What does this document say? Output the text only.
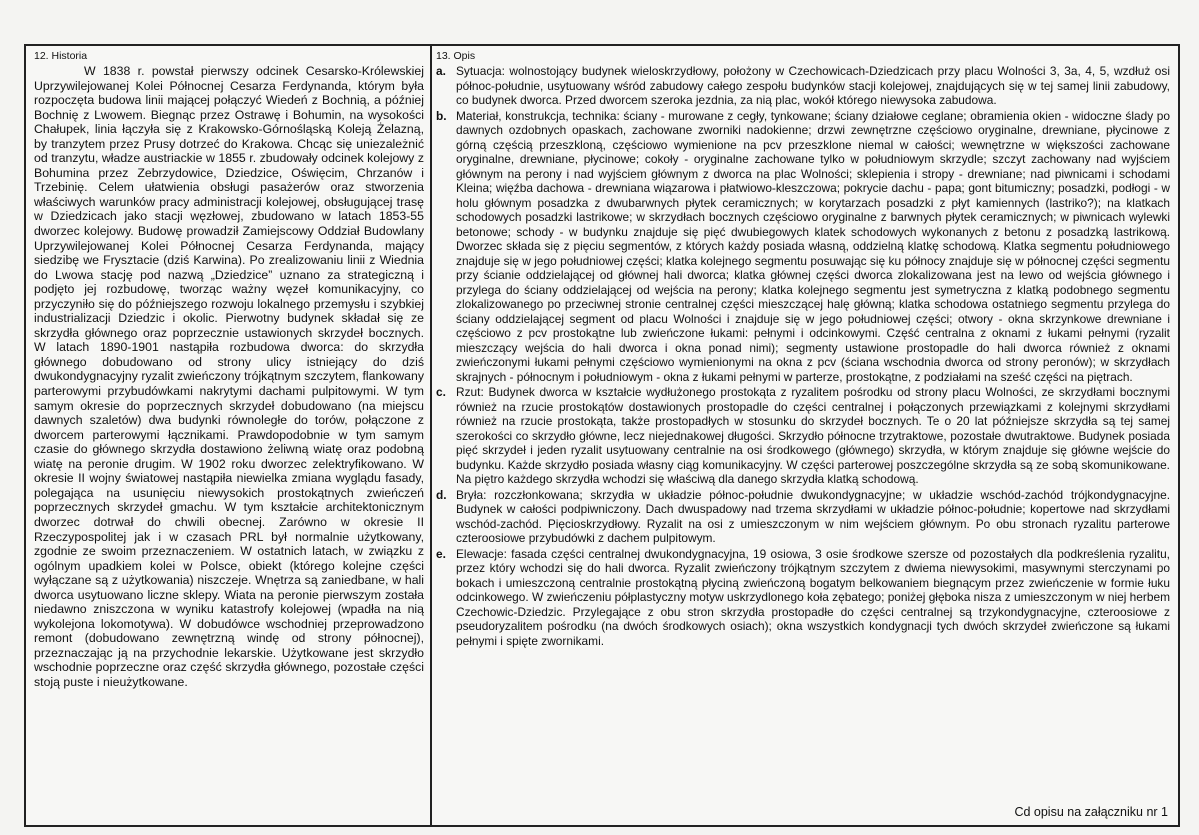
12. Historia

W 1838 r. powstał pierwszy odcinek Cesarsko-Królewskiej Uprzywilejowanej Kolei Północnej Cesarza Ferdynanda, którym była rozpoczęta budowa linii mającej połączyć Wiedeń z Bochnią, a później Bochnię z Lwowem. Biegnąc przez Ostrawę i Bohumin, na wysokości Chałupek, linia łączyła się z Krakowsko-Górnośląską Koleją Żelazną, by tranzytem przez Prusy dotrzeć do Krakowa. Chcąc się uniezależnić od tranzytu, władze austriackie w 1855 r. zbudowały odcinek kolejowy z Bohumina przez Zebrzydowice, Dziedzice, Oświęcim, Chrzanów i Trzebinię. Celem ułatwienia obsługi pasażerów oraz stworzenia właściwych warunków pracy administracji kolejowej, obsługującej trasę w Dziedzicach jako stacji węzłowej, zbudowano w latach 1853-55 dworzec kolejowy. Budowę prowadził Zamiejscowy Oddział Budowlany Uprzywilejowanej Kolei Północnej Cesarza Ferdynanda, mający siedzibę we Frysztacie (dziś Karwina). Po zrealizowaniu linii z Wiednia do Lwowa stację pod nazwą „Dziedzice” uznano za strategiczną i podjęto jej rozbudowę, tworząc ważny węzeł komunikacyjny, co przyczyniło się do późniejszego rozwoju lokalnego przemysłu i szybkiej industrializacji Dziedzic i okolic. Pierwotny budynek składał się ze skrzydła głównego oraz poprzecznie ustawionych skrzydeł bocznych. W latach 1890-1901 nastąpiła rozbudowa dworca: do skrzydła głównego dobudowano od strony ulicy istniejący do dziś dwukondygnacyjny ryzalit zwieńczony trójkątnym szczytem, flankowany parterowymi przybudówkami nakrytymi dachami pulpitowymi. W tym samym okresie do poprzecznych skrzydeł dobudowano (na miejscu dawnych szaletów) dwa budynki równoległe do torów, połączone z dworcem parterowymi łącznikami. Prawdopodobnie w tym samym czasie do głównego skrzydła dostawiono żeliwną wiatę oraz podobną wiatę na peronie drugim. W 1902 roku dworzec zelektryfikowano. W okresie II wojny światowej nastąpiła niewielka zmiana wyglądu fasady, polegająca na usunięciu niewysokich prostokątnych zwieńczeń poprzecznych skrzydeł gmachu. W tym kształcie architektonicznym dworzec dotrwał do chwili obecnej. Zarówno w okresie II Rzeczypospolitej jak i w czasach PRL był normalnie użytkowany, zgodnie ze swoim przeznaczeniem. W ostatnich latach, w związku z ogólnym upadkiem kolei w Polsce, obiekt (którego kolejne części wyłączane są z użytkowania) niszczeje. Wnętrza są zaniedbane, w hali dworca usytuowano liczne sklepy. Wiata na peronie pierwszym została niedawno zniszczona w wyniku katastrofy kolejowej (wpadła na nią wykolejona lokomotywa). W dobudówce wschodniej przeprowadzono remont (dobudowano zewnętrzną windę od strony północnej), przeznaczając ją na przychodnie lekarskie. Użytkowane jest skrzydło wschodnie poprzeczne oraz część skrzydła głównego, pozostałe części stoją puste i nieużytkowane.

13. Opis
a. Sytuacja: wolnostojący budynek wieloskrzydłowy, położony w Czechowicach-Dziedzicach przy placu Wolności 3, 3a, 4, 5, wzdłuż osi północ-południe, usytuowany wśród zabudowy całego zespołu budynków stacji kolejowej, znajdujących się w tej samej linii zabudowy, co budynek dworca. Przed dworcem szeroka jezdnia, za nią plac, wokół którego niewysoka zabudowa.
b. Materiał, konstrukcja, technika: ściany - murowane z cegły, tynkowane; ściany działowe ceglane; obramienia okien - widoczne ślady po dawnych ozdobnych opaskach, zachowane zworniki nadokienne; drzwi zewnętrzne częściowo oryginalne, drewniane, płycinowe z górną częścią przeszkloną, częściowo wymienione na pcv przeszklone niemal w całości; wewnętrzne w większości zachowane oryginalne, drewniane, płycinowe; cokoły - oryginalne zachowane tylko w południowym skrzydle; szczyt zachowany nad wyjściem głównym na perony i nad wyjściem głównym z dworca na plac Wolności; sklepienia i stropy - drewniane; nad piwnicami i schodami Kleina; więźba dachowa - drewniana wiązarowa i płatwiowo-kleszczowa; pokrycie dachu - papa; gont bitumiczny; posadzki, podłogi - w holu głównym posadzka z dwubarwnych płytek ceramicznych; w korytarzach posadzki z płyt kamiennych (lastriko?); na klatkach schodowych posadzki lastrikowe; w skrzydłach bocznych częściowo oryginalne z barwnych płytek ceramicznych; w piwnicach wylewki betonowe; schody - w budynku znajduje się pięć dwubiegowych klatek schodowych wykonanych z betonu z posadzką lastrikową. Dworzec składa się z pięciu segmentów, z których każdy posiada własną, oddzielną klatkę schodową. Klatka segmentu południowego znajduje się w jego południowej części; klatka kolejnego segmentu posuwając się ku północy znajduje się w północnej części segmentu przy ścianie oddzielającej od głównej hali dworca; klatka głównej części dworca zlokalizowana jest na lewo od wejścia głównego i przylega do ściany oddzielającej od wejścia na perony; klatka kolejnego segmentu jest symetryczna z klatką podobnego segmentu zlokalizowanego po przeciwnej stronie centralnej części mieszczącej halę główną; klatka schodowa ostatniego segmentu przylega do ściany oddzielającej segment od placu Wolności i znajduje się w jego południowej części; otwory - okna skrzynkowe drewniane i częściowo z pcv prostokątne lub zwieńczone łukami: pełnymi i odcinkowymi. Część centralna z oknami z łukami pełnymi (ryzalit mieszczący wejścia do hali dworca i okna ponad nimi); segmenty ustawione prostopadle do hali dworca również z oknami zwieńczonymi łukami pełnymi częściowo wymienionymi na okna z pcv (ściana wschodnia dworca od strony peronów); w skrzydłach skrajnych - północnym i południowym - okna z łukami pełnymi w parterze, prostokątne, z podziałami na sześć części na piętrach.
c. Rzut: Budynek dworca w kształcie wydłużonego prostokąta z ryzalitem pośrodku od strony placu Wolności, ze skrzydłami bocznymi również na rzucie prostokątów dostawionych prostopadle do części centralnej i połączonych przewiązkami z kolejnymi skrzydłami również na rzucie prostokąta, także prostopadłych w stosunku do skrzydeł bocznych. Te o 20 lat późniejsze skrzydła są tej samej szerokości co skrzydło główne, lecz niejednakowej długości. Skrzydło północne trzytraktowe, pozostałe dwutraktowe. Budynek posiada pięć skrzydeł i jeden ryzalit usytuowany centralnie na osi środkowego (głównego) skrzydła, w którym znajduje się główne wejście do budynku. Każde skrzydło posiada własny ciąg komunikacyjny. W części parterowej poszczególne skrzydła są ze sobą skomunikowane. Na piętro każdego skrzydła wchodzi się właściwą dla danego skrzydła klatką schodową.
d. Bryła: rozczłonkowana; skrzydła w układzie północ-południe dwukondygnacyjne; w układzie wschód-zachód trójkondygnacyjne. Budynek w całości podpiwniczony. Dach dwuspadowy nad trzema skrzydłami w układzie północ-południe; kopertowe nad skrzydłami wschód-zachód. Pięcioskrzydłowy. Ryzalit na osi z umieszczonym w nim wejściem głównym. Po obu stronach ryzalitu parterowe czteroosiowe przybudówki z dachem pulpitowym.
e. Elewacje: fasada części centralnej dwukondygnacyjna, 19 osiowa, 3 osie środkowe szersze od pozostałych dla podkreślenia ryzalitu, przez który wchodzi się do hali dworca. Ryzalit zwieńczony trójkątnym szczytem z dwiema niewysokimi, masywnymi sterczynami po bokach i umieszczoną centralnie prostokątną płyciną zwieńczoną bogatym belkowaniem biegnącym przez zwieńczenie w formie łuku odcinkowego. W zwieńczeniu półplastyczny motyw uskrzydlonego koła zębatego; poniżej głęboka nisza z umieszczonym w niej herbem Czechowic-Dziedzic. Przylegające z obu stron skrzydła prostopadłe do części centralnej są trzykondygnacyjne, czteroosiowe z pseudoryzalitem pośrodku (na dwóch środkowych osiach); okna wszystkich kondygnacji tych dwóch skrzydeł zwieńczone są łukami pełnymi i spięte zwornikami.
Cd opisu na załączniku nr 1
